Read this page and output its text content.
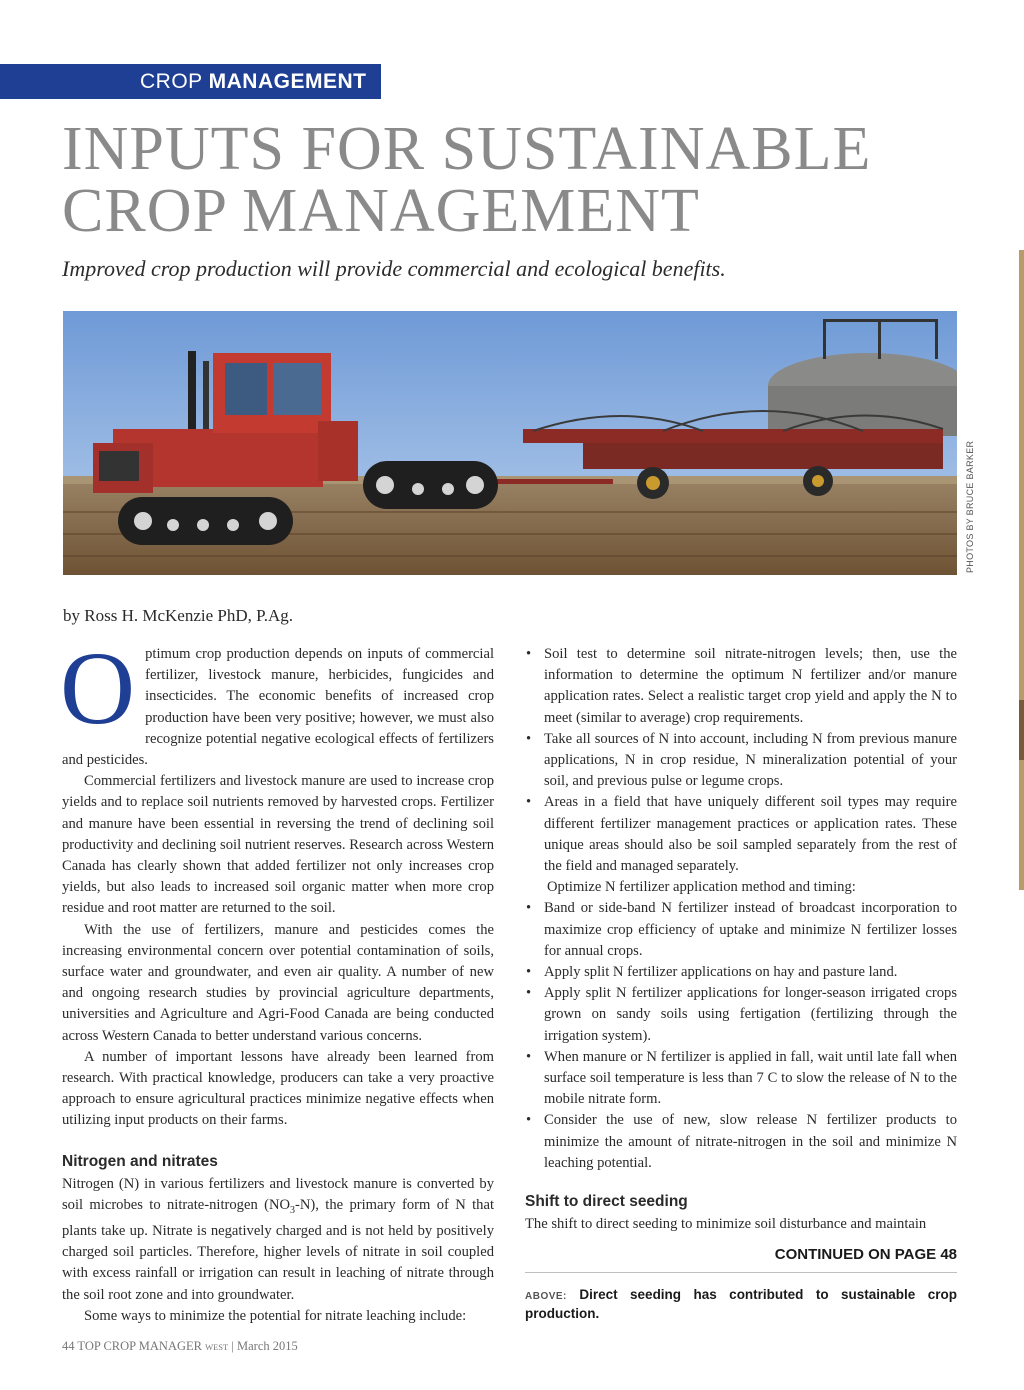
CROP MANAGEMENT
INPUTS FOR SUSTAINABLE
CROP MANAGEMENT

Improved crop production will provide commercial and ecological benefits.

PHOTOS BY BRUCE BARKER

by Ross H. McKenzie PhD, P.Ag.

Optimum crop production depends on inputs of commercial fertilizer, livestock manure, herbicides, fungicides and insecticides. The economic benefits of increased crop production have been very positive; however, we must also recognize potential negative ecological effects of fertilizers and pesticides.

Commercial fertilizers and livestock manure are used to increase crop yields and to replace soil nutrients removed by harvested crops. Fertilizer and manure have been essential in reversing the trend of declining soil productivity and declining soil nutrient reserves. Research across Western Canada has clearly shown that added fertilizer not only increases crop yields, but also leads to increased soil organic matter when more crop residue and root matter are returned to the soil.

With the use of fertilizers, manure and pesticides comes the increasing environmental concern over potential contamination of soils, surface water and groundwater, and even air quality. A number of new and ongoing research studies by provincial agriculture departments, universities and Agriculture and Agri-Food Canada are being conducted across Western Canada to better understand various concerns.

A number of important lessons have already been learned from research. With practical knowledge, producers can take a very proactive approach to ensure agricultural practices minimize negative effects when utilizing input products on their farms.

Nitrogen and nitrates

Nitrogen (N) in various fertilizers and livestock manure is converted by soil microbes to nitrate-nitrogen $(NO_3-N)$, the primary form of N that plants take up. Nitrate is negatively charged and is not held by positively charged soil particles. Therefore, higher levels of nitrate in soil coupled with excess rainfall or irrigation can result in leaching of nitrate through the soil root zone and into groundwater.

Some ways to minimize the potential for nitrate leaching include:

• Soil test to determine soil nitrate-nitrogen levels; then, use the information to determine the optimum N fertilizer and/or manure application rates. Select a realistic target crop yield and apply the N to meet (similar to average) crop requirements.
• Take all sources of N into account, including N from previous manure applications, N in crop residue, N mineralization potential of your soil, and previous pulse or legume crops.
• Areas in a field that have uniquely different soil types may require different fertilizer management practices or application rates. These unique areas should also be soil sampled separately from the rest of the field and managed separately.

Optimize N fertilizer application method and timing:

• Band or side-band N fertilizer instead of broadcast incorporation to maximize crop efficiency of uptake and minimize N fertilizer losses for annual crops.
• Apply split N fertilizer applications on hay and pasture land.
• Apply split N fertilizer applications for longer-season irrigated crops grown on sandy soils using fertigation (fertilizing through the irrigation system).
• When manure or N fertilizer is applied in fall, wait until late fall when surface soil temperature is less than 7 C to slow the release of N to the mobile nitrate form.
• Consider the use of new, slow release N fertilizer products to minimize the amount of nitrate-nitrogen in the soil and minimize N leaching potential.
Shift to direct seeding

The shift to direct seeding to minimize soil disturbance and maintain

CONTINUED ON PAGE 48
ABOVE: Direct seeding has contributed to sustainable crop production.
44 TOP CROP MANAGER WEST | March 2015
